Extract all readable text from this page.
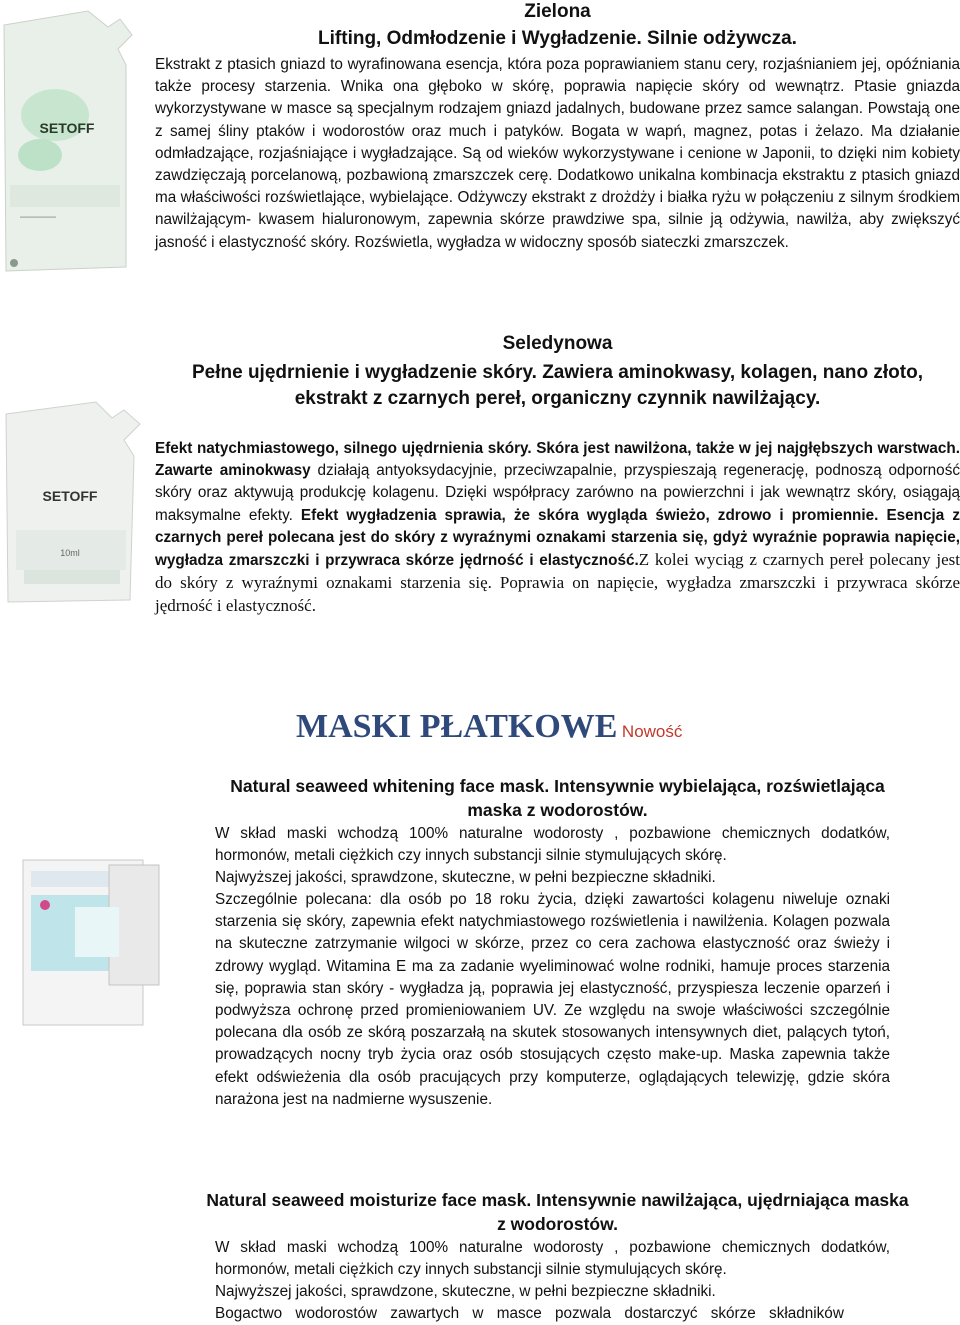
———
SETOFF
Zielona
Lifting, Odmłodzenie i Wygładzenie. Silnie odżywcza.

Ekstrakt z ptasich gniazd to wyrafinowana esencja, która poza poprawianiem stanu cery, rozjaśnianiem jej, opóźniania także procesy starzenia. Wnika ona głęboko w skórę, poprawia napięcie skóry od wewnątrz. Ptasie gniazda wykorzystywane w masce są specjalnym rodzajem gniazd jadalnych, budowane przez samce salangan. Powstają one z samej śliny ptaków i wodorostów oraz much i patyków. Bogata w wapń, magnez, potas i żelazo. Ma działanie odmładzające, rozjaśniające i wygładzające. Są od wieków wykorzystywane i cenione w Japonii, to dzięki nim kobiety zawdzięczają porcelanową, pozbawioną zmarszczek cerę. Dodatkowo unikalna kombinacja ekstraktu z ptasich gniazd ma właściwości rozświetlające, wybielające. Odżywczy ekstrakt z drożdży i białka ryżu w połączeniu z silnym środkiem nawilżającym- kwasem hialuronowym, zapewnia skórze prawdziwe spa, silnie ją odżywia, nawilża, aby zwiększyć jasność i elastyczność skóry. Rozświetla, wygładza w widoczny sposób siateczki zmarszczek.

SETOFF
10ml
Seledynowa
Pełne ujędrnienie i wygładzenie skóry. Zawiera aminokwasy, kolagen, nano złoto, ekstrakt z czarnych pereł, organiczny czynnik nawilżający.

Efekt natychmiastowego, silnego ujędrnienia skóry. Skóra jest nawilżona, także w jej najgłębszych warstwach. Zawarte aminokwasy działają antyoksydacyjnie, przeciwzapalnie, przyspieszają regenerację, podnoszą odporność skóry oraz aktywują produkcję kolagenu. Dzięki współpracy zarówno na powierzchni i jak wewnątrz skóry, osiągają maksymalne efekty. Efekt wygładzenia sprawia, że skóra wygląda świeżo, zdrowo i promiennie. Esencja z czarnych pereł polecana jest do skóry z wyraźnymi oznakami starzenia się, gdyż wyraźnie poprawia napięcie, wygładza zmarszczki i przywraca skórze jędrność i elastyczność.Z kolei wyciąg z czarnych pereł polecany jest do skóry z wyraźnymi oznakami starzenia się. Poprawia on napięcie, wygładza zmarszczki i przywraca skórze jędrność i elastyczność.

MASKI PŁATKOWE Nowość
Natural seaweed whitening face mask. Intensywnie wybielająca, rozświetlająca maska z wodorostów.

W skład maski wchodzą 100% naturalne wodorosty , pozbawione chemicznych dodatków, hormonów, metali ciężkich czy innych substancji silnie stymulujących skórę.

Najwyższej jakości, sprawdzone, skuteczne, w pełni bezpieczne składniki.

Szczególnie polecana: dla osób po 18 roku życia, dzięki zawartości kolagenu niweluje oznaki starzenia się skóry, zapewnia efekt natychmiastowego rozświetlenia i nawilżenia. Kolagen pozwala na skuteczne zatrzymanie wilgoci w skórze, przez co cera zachowa elastyczność oraz świeży i zdrowy wygląd. Witamina E ma za zadanie wyeliminować wolne rodniki, hamuje proces starzenia się, poprawia stan skóry - wygładza ją, poprawia jej elastyczność, przyspiesza leczenie oparzeń i podwyższa ochronę przed promieniowaniem UV. Ze względu na swoje właściwości szczególnie polecana dla osób ze skórą poszarzałą na skutek stosowanych intensywnych diet, palących tytoń, prowadzących nocny tryb życia oraz osób stosujących często make-up. Maska zapewnia także efekt odświeżenia dla osób pracujących przy komputerze, oglądających telewizję, gdzie skóra narażona jest na nadmierne wysuszenie.

Natural seaweed moisturize face mask. Intensywnie nawilżająca, ujędrniająca maska z wodorostów.

W skład maski wchodzą 100% naturalne wodorosty , pozbawione chemicznych dodatków, hormonów, metali ciężkich czy innych substancji silnie stymulujących skórę.

Najwyższej jakości, sprawdzone, skuteczne, w pełni bezpieczne składniki.

Bogactwo wodorostów zawartych w masce pozwala dostarczyć skórze składników
